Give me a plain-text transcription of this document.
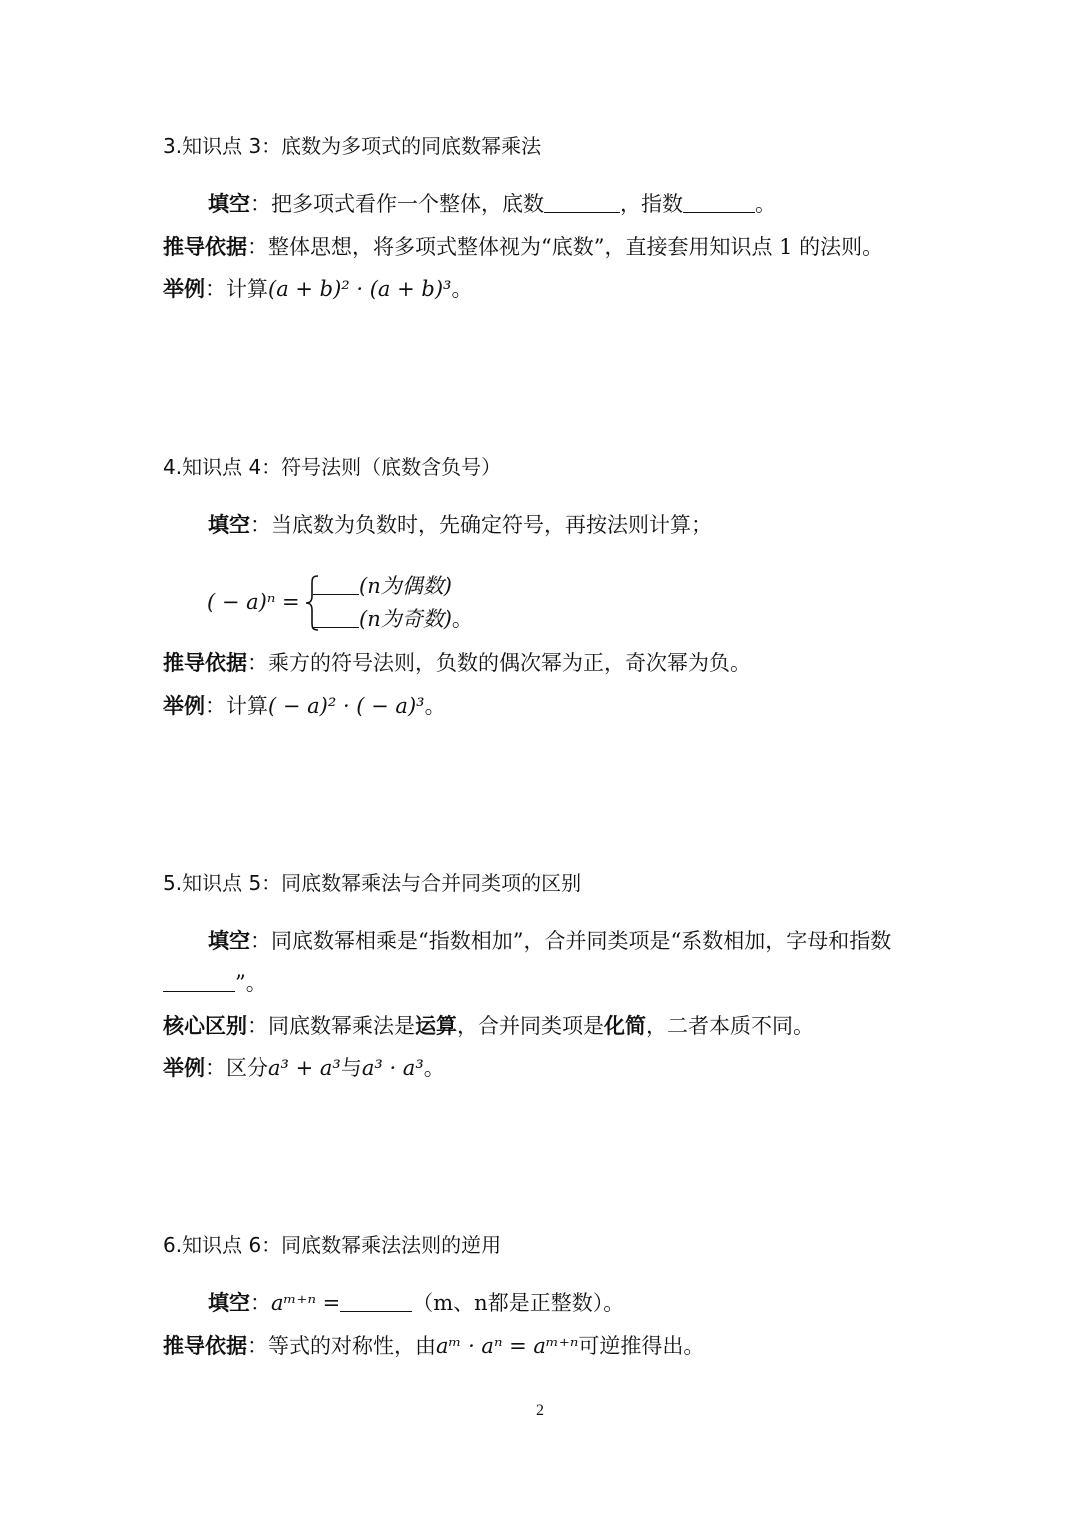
3.知识点 3：底数为多项式的同底数幂乘法
填空：把多项式看作一个整体，底数	，指数	。
推导依据：整体思想，将多项式整体视为“底数”，直接套用知识点 1 的法则。
举例：计算(a + b)² · (a + b)³。
4.知识点 4：符号法则（底数含负号）
填空：当底数为负数时，先确定符号，再按法则计算；
( − a)ⁿ =
(n为偶数)
(n为奇数)。
推导依据：乘方的符号法则，负数的偶次幂为正，奇次幂为负。
举例：计算( − a)² · ( − a)³。
5.知识点 5：同底数幂乘法与合并同类项的区别
填空：同底数幂相乘是“指数相加”，合并同类项是“系数相加，字母和指数
”。
核心区别：同底数幂乘法是运算，合并同类项是化简，二者本质不同。
举例：区分a³ + a³与a³ · a³。
6.知识点 6：同底数幂乘法法则的逆用
填空：aᵐ⁺ⁿ =	（m、n都是正整数）。
推导依据：等式的对称性，由aᵐ · aⁿ = aᵐ⁺ⁿ可逆推得出。
2
